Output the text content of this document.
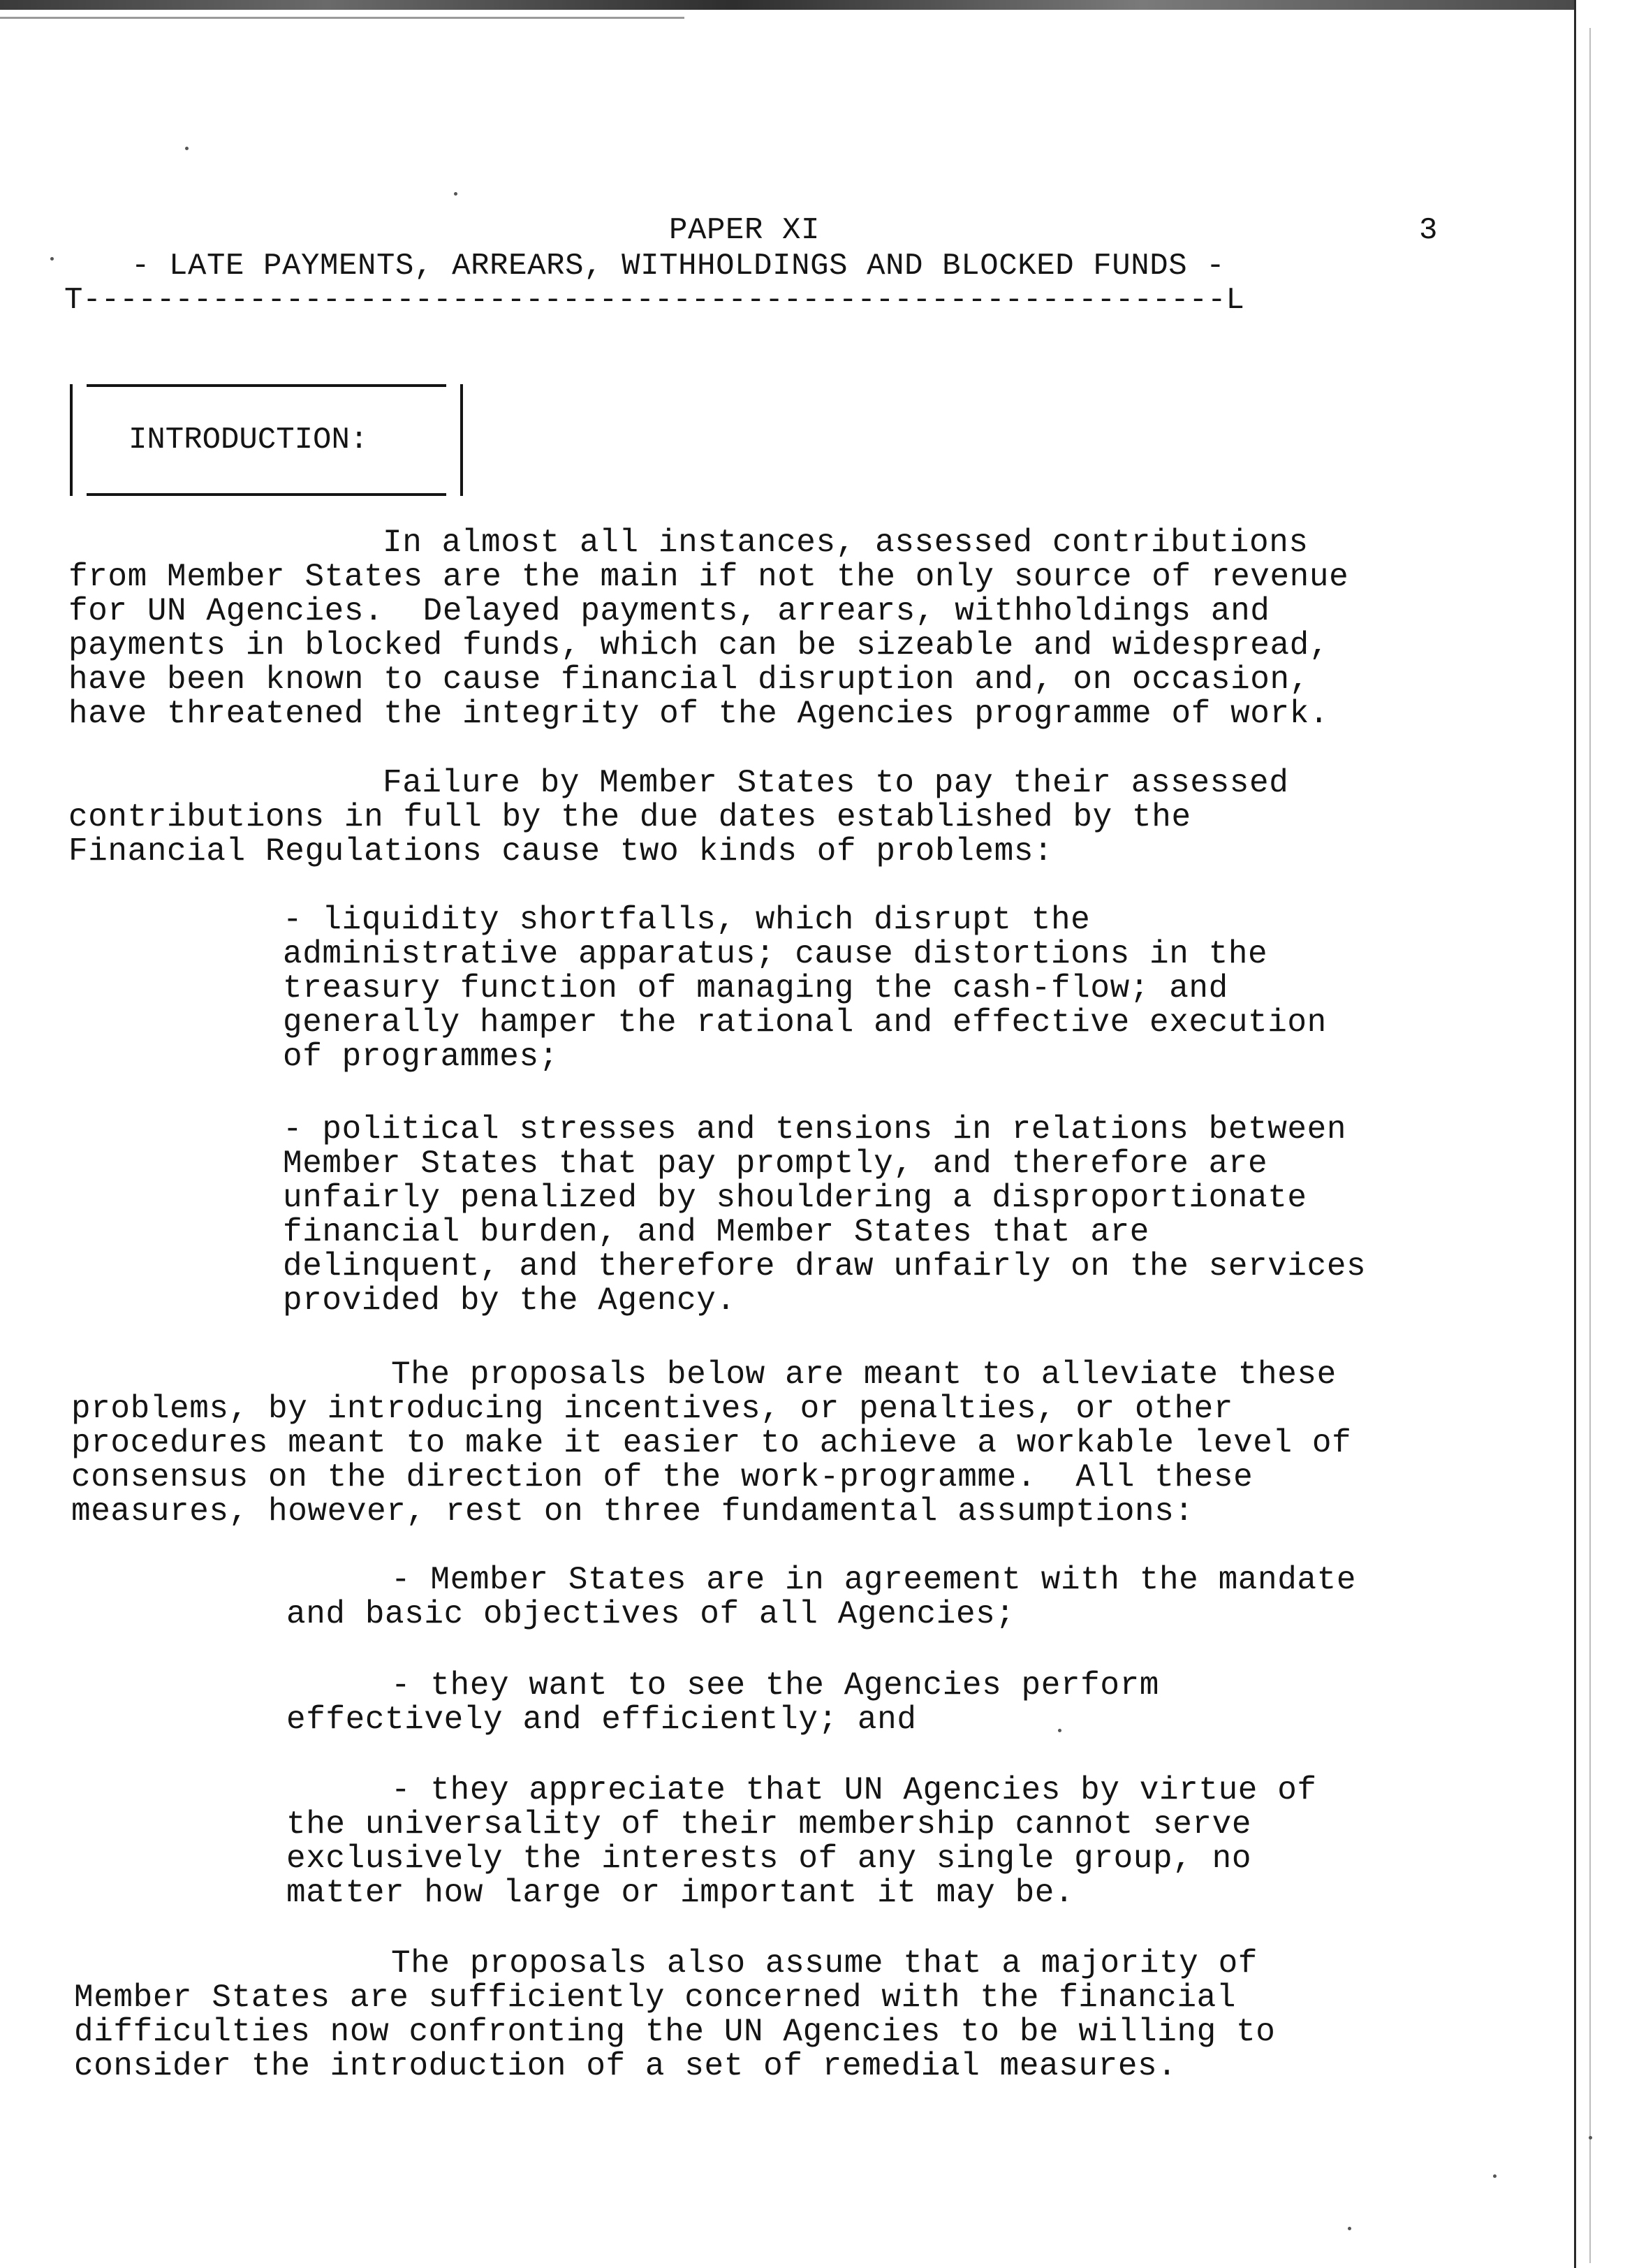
PAPER XI	3
- LATE PAYMENTS, ARREARS, WITHHOLDINGS AND BLOCKED FUNDS -
T--------------------------------------------------------------L
INTRODUCTION:
In almost all instances, assessed contributions
from Member States are the main if not the only source of revenue
for UN Agencies.  Delayed payments, arrears, withholdings and
payments in blocked funds, which can be sizeable and widespread,
have been known to cause financial disruption and, on occasion,
have threatened the integrity of the Agencies programme of work.
Failure by Member States to pay their assessed
contributions in full by the due dates established by the
Financial Regulations cause two kinds of problems:
- liquidity shortfalls, which disrupt the
administrative apparatus; cause distortions in the
treasury function of managing the cash-flow; and
generally hamper the rational and effective execution
of programmes;
- political stresses and tensions in relations between
Member States that pay promptly, and therefore are
unfairly penalized by shouldering a disproportionate
financial burden, and Member States that are
delinquent, and therefore draw unfairly on the services
provided by the Agency.
The proposals below are meant to alleviate these
problems, by introducing incentives, or penalties, or other
procedures meant to make it easier to achieve a workable level of
consensus on the direction of the work-programme.  All these
measures, however, rest on three fundamental assumptions:
- Member States are in agreement with the mandate
and basic objectives of all Agencies;
- they want to see the Agencies perform
effectively and efficiently; and
- they appreciate that UN Agencies by virtue of
the universality of their membership cannot serve
exclusively the interests of any single group, no
matter how large or important it may be.
The proposals also assume that a majority of
Member States are sufficiently concerned with the financial
difficulties now confronting the UN Agencies to be willing to
consider the introduction of a set of remedial measures.
